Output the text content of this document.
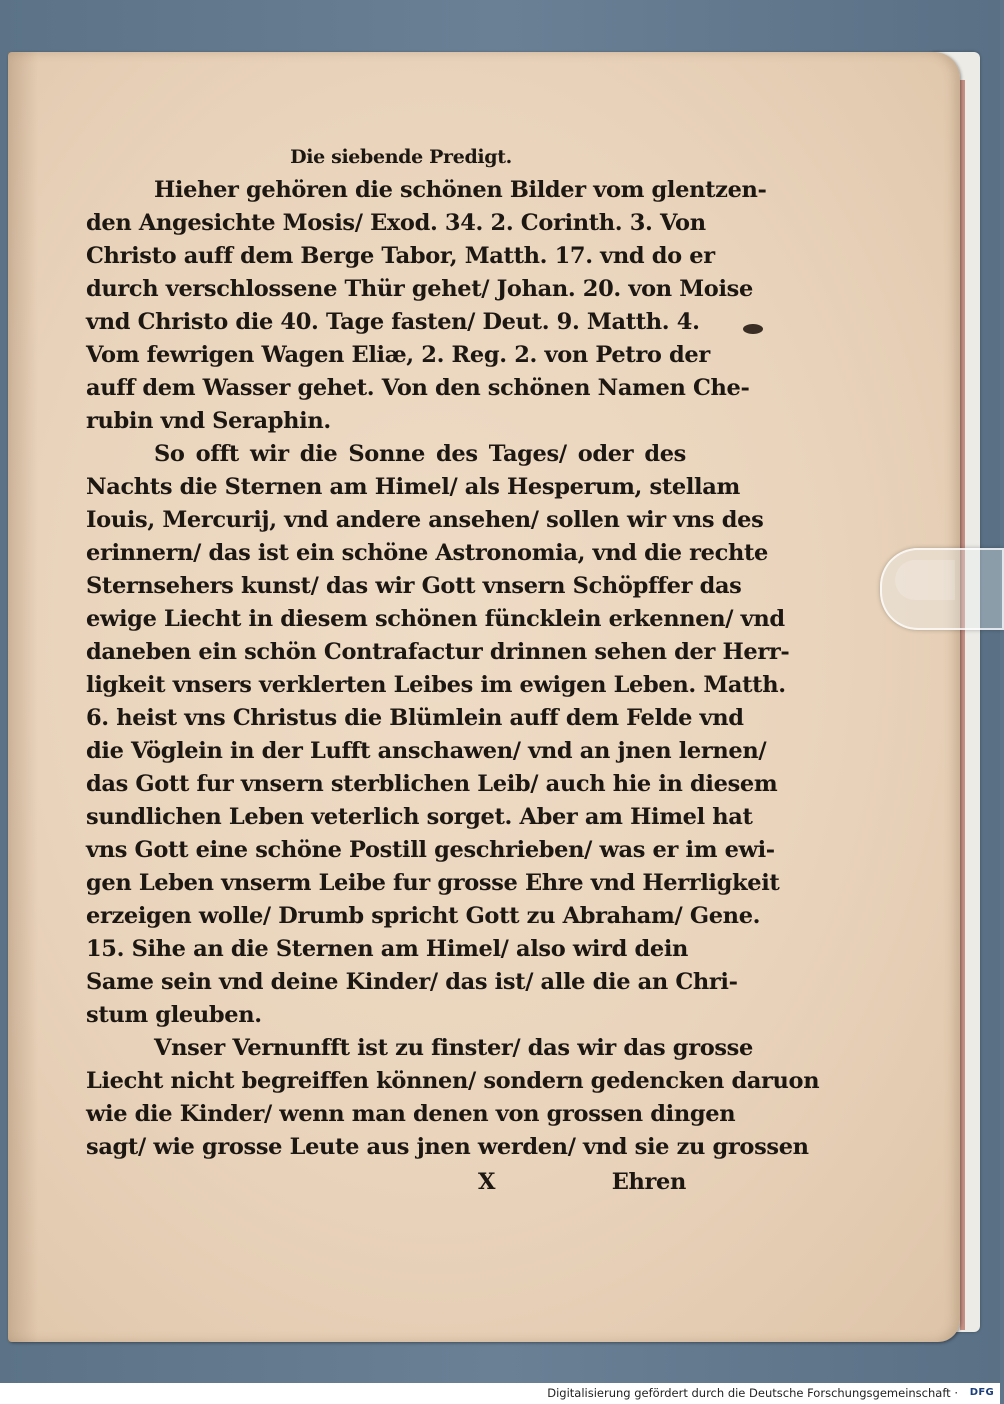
Die siebende Predigt.
Hieher gehören die schönen Bilder vom glentzen-
den Angesichte Mosis/ Exod. 34. 2. Corinth. 3. Von
Christo auff dem Berge Tabor, Matth. 17. vnd do er
durch verschlossene Thür gehet/ Johan. 20. von Moise
vnd Christo die 40. Tage fasten/ Deut. 9. Matth. 4.
Vom fewrigen Wagen Eliæ, 2. Reg. 2. von Petro der
auff dem Wasser gehet. Von den schönen Namen Che-
rubin vnd Seraphin.
So offt wir die Sonne des Tages/ oder des
Nachts die Sternen am Himel/ als Hesperum, stellam
Iouis, Mercurij, vnd andere ansehen/ sollen wir vns des
erinnern/ das ist ein schöne Astronomia, vnd die rechte
Sternsehers kunst/ das wir Gott vnsern Schöpffer das
ewige Liecht in diesem schönen füncklein erkennen/ vnd
daneben ein schön Contrafactur drinnen sehen der Herr-
ligkeit vnsers verklerten Leibes im ewigen Leben. Matth.
6. heist vns Christus die Blümlein auff dem Felde vnd
die Vöglein in der Lufft anschawen/ vnd an jnen lernen/
das Gott fur vnsern sterblichen Leib/ auch hie in diesem
sundlichen Leben veterlich sorget. Aber am Himel hat
vns Gott eine schöne Postill geschrieben/ was er im ewi-
gen Leben vnserm Leibe fur grosse Ehre vnd Herrligkeit
erzeigen wolle/ Drumb spricht Gott zu Abraham/ Gene.
15. Sihe an die Sternen am Himel/ also wird dein
Same sein vnd deine Kinder/ das ist/ alle die an Chri-
stum gleuben.
Vnser Vernunfft ist zu finster/ das wir das grosse
Liecht nicht begreiffen können/ sondern gedencken daruon
wie die Kinder/ wenn man denen von grossen dingen
sagt/ wie grosse Leute aus jnen werden/ vnd sie zu grossen
X	Ehren
Digitalisierung gefördert durch die Deutsche Forschungsgemeinschaft · DFG
